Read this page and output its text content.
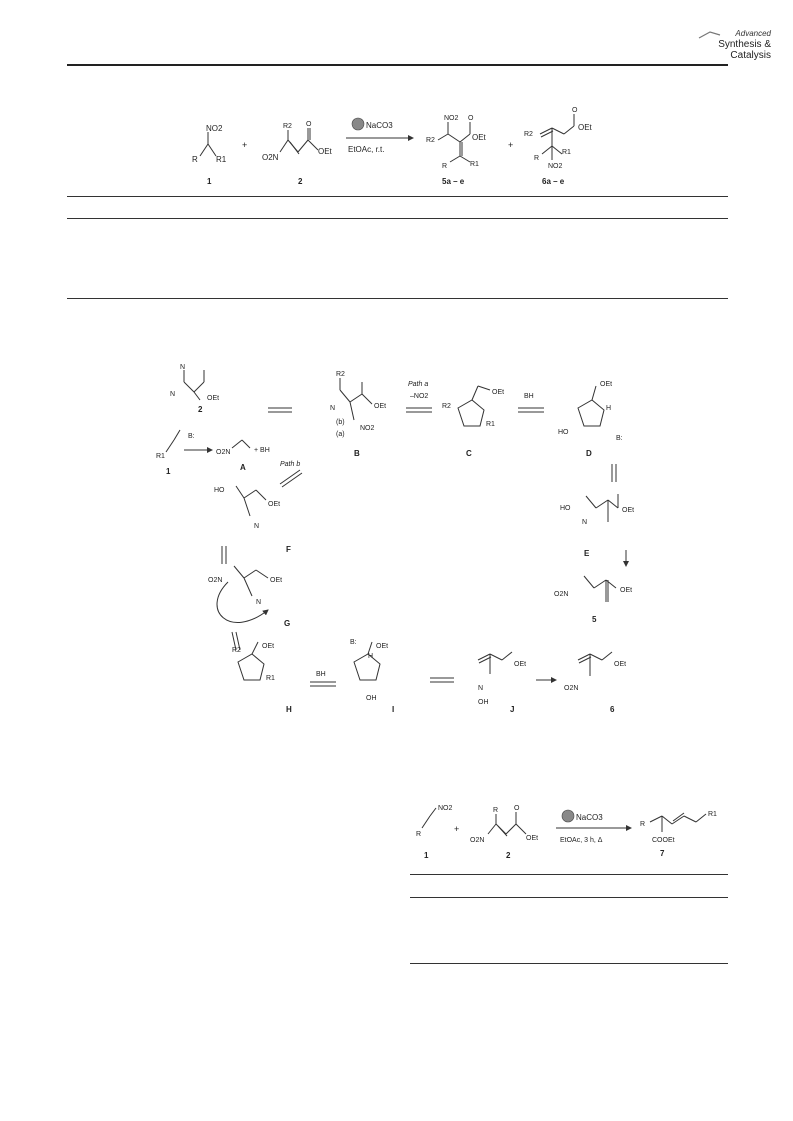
Advanced
Synthesis &
Catalysis
NO2
R R1
1
+
R2 O
OEt
O2N
2
NaCO3
EtOAc, r.t.
NO2
R2
O
OEt
R	R1
5a – e
+
R2
O
OEt
R
R1
NO2
6a – e
N
OEt
N
2
R1
1
B:
O2N	+ BH
A
R2
OEt
N
(b)
(a)
NO2
B
Path a
–NO2
OEt
R2
R1
C
BH
OEt
H
HO
B:
D
Path b
HO
OEt
N
F
O2N	OEt
N
G
OEt
R1
R2
H
BH
OEt
H
B:
OH
I
OEt
N
OH
J
OEt
O2N
6
HO	OEt
N
E
O2N
OEt
5
NO2
R
1
+
R O
OEt
O2N
2
NaCO3
EtOAc, 3 h, Δ
R
R1
COOEt
7
